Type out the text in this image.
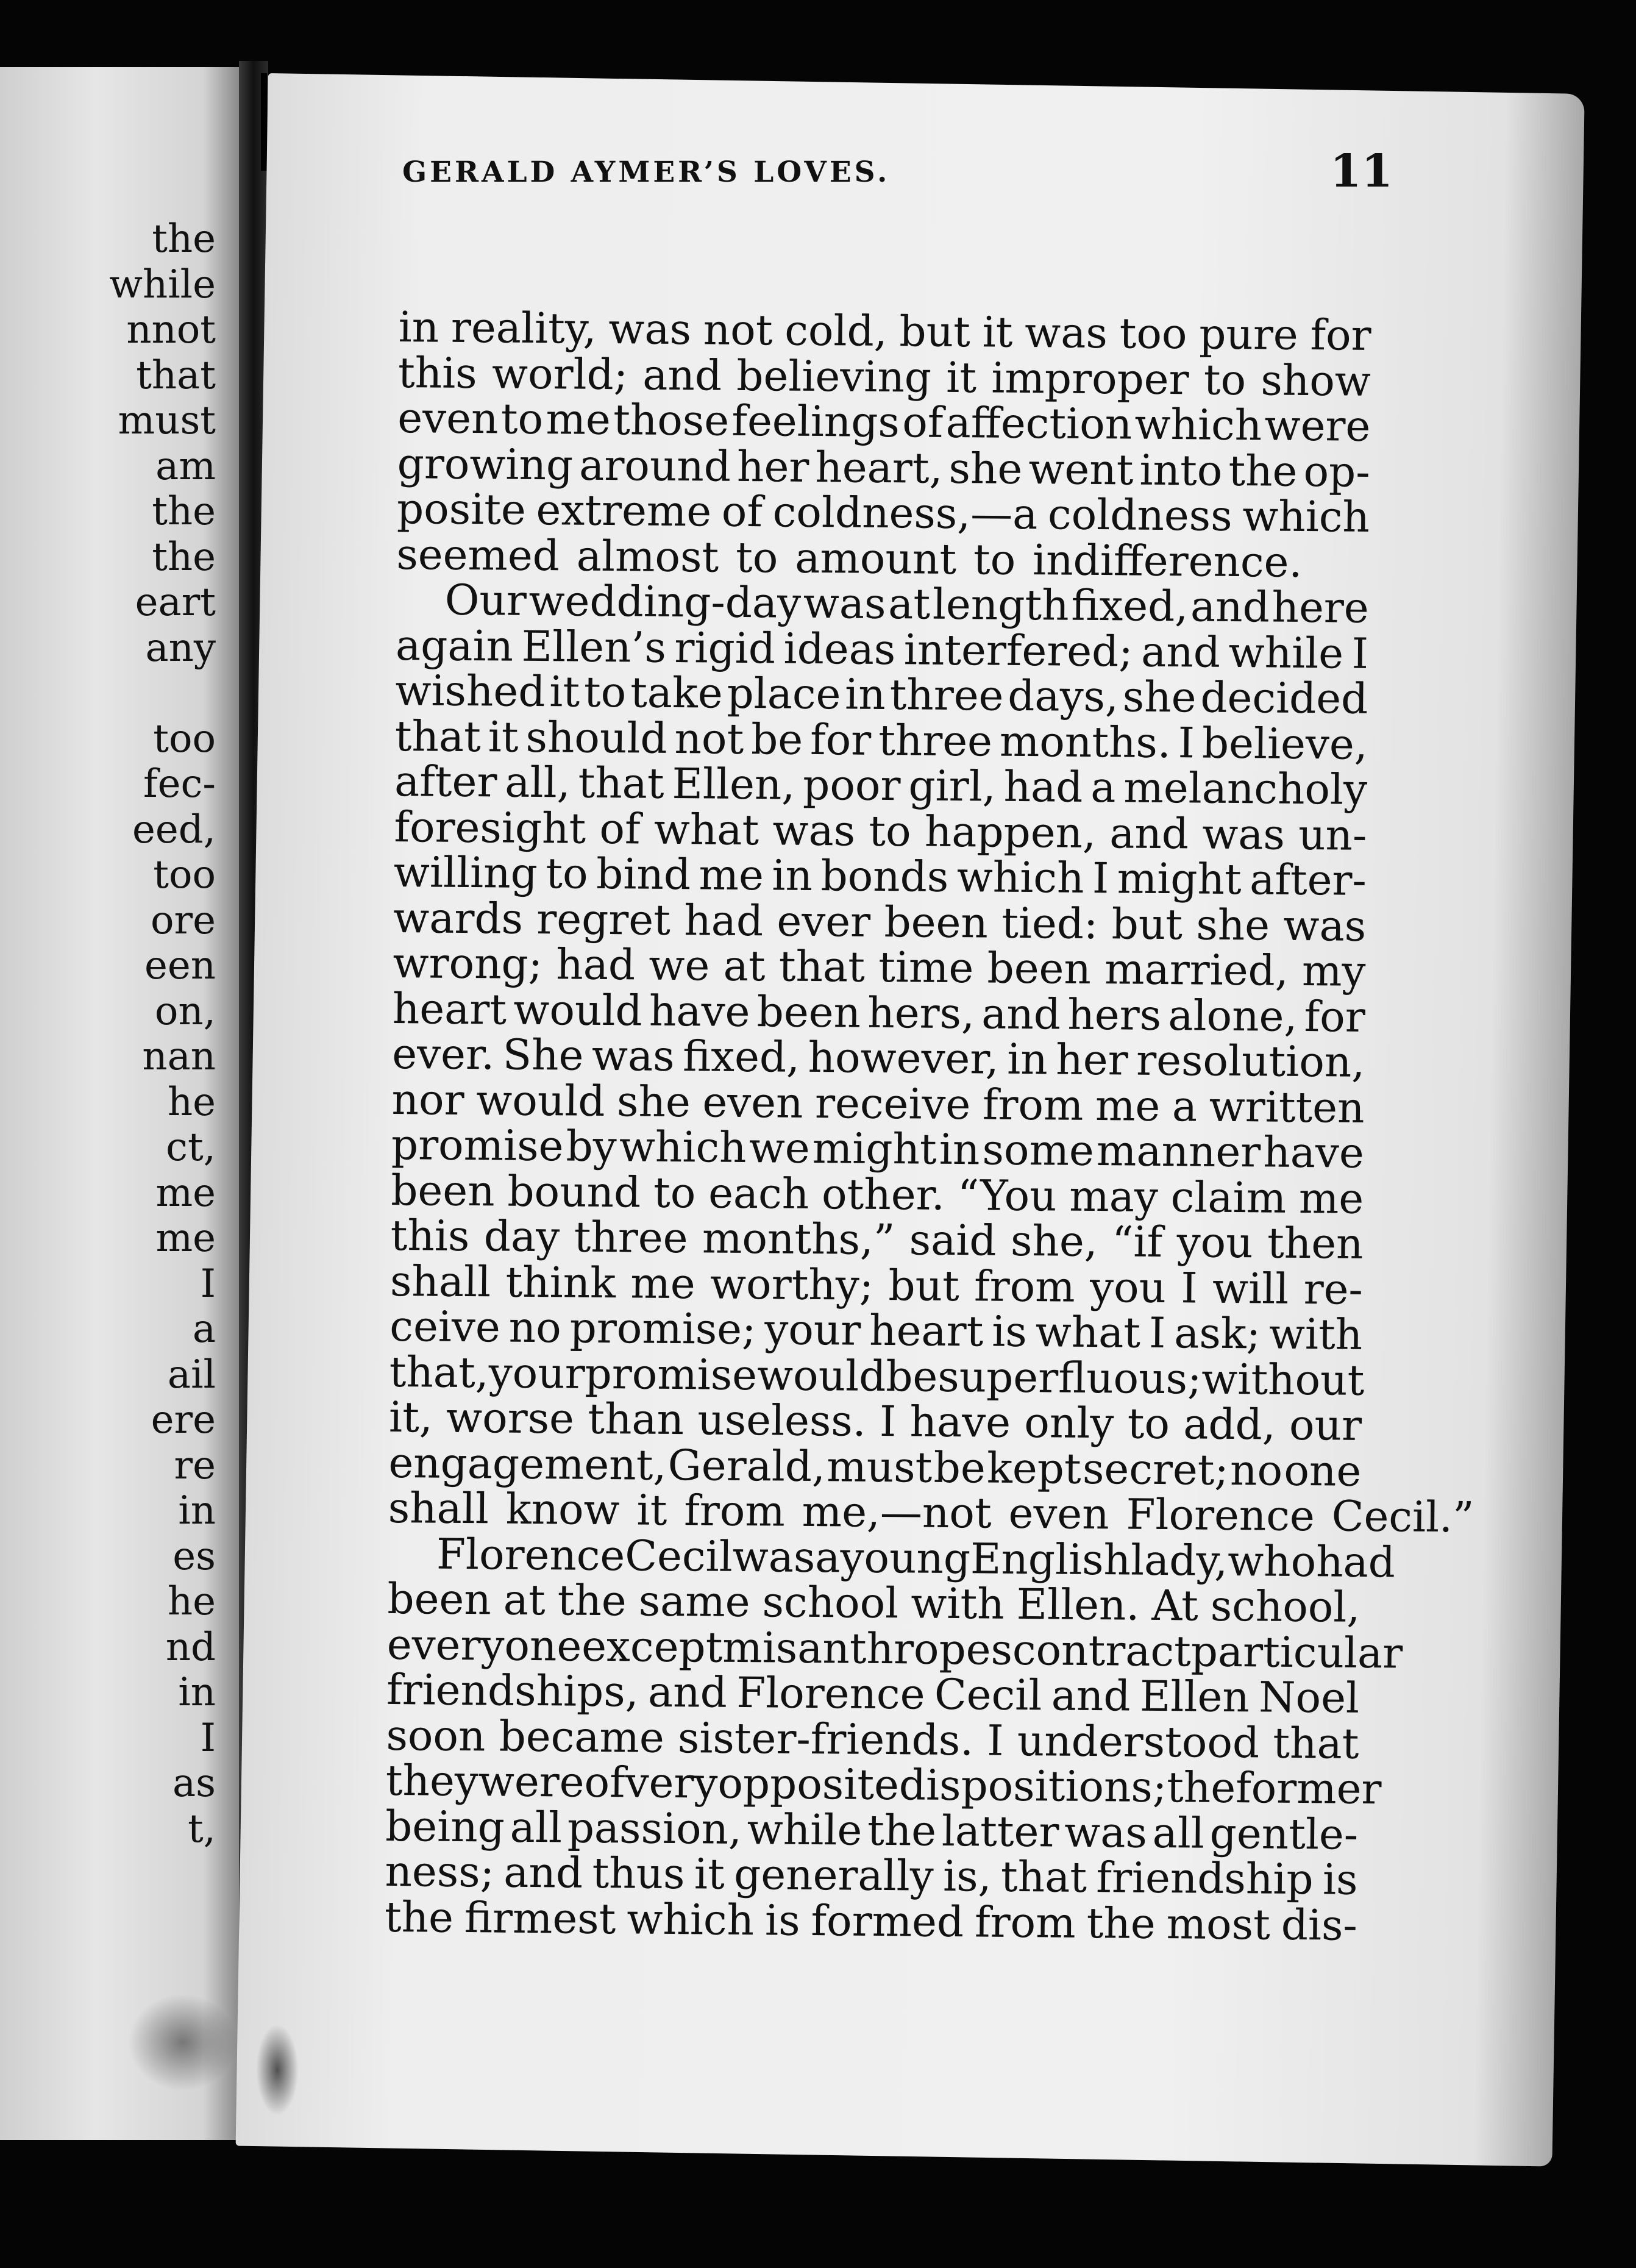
the
while
nnot
that
must
am
the
the
eart
any
too
fec-
eed,
too
ore
een
on,
nan
he
ct,
me
me
I
a
ail
ere
re
in
es
he
nd
in
I
as
t,
GERALD AYMER’S LOVES.	11
in reality, was not cold, but it was too pure for
this world; and believing it improper to show
even to me those feelings of affection which were
growing around her heart, she went into the op-
posite extreme of coldness,—a coldness which
seemed almost to amount to indifference.
Our wedding-day was at length fixed, and here
again Ellen’s rigid ideas interfered; and while I
wished it to take place in three days, she decided
that it should not be for three months. I believe,
after all, that Ellen, poor girl, had a melancholy
foresight of what was to happen, and was un-
willing to bind me in bonds which I might after-
wards regret had ever been tied: but she was
wrong; had we at that time been married, my
heart would have been hers, and hers alone, for
ever. She was fixed, however, in her resolution,
nor would she even receive from me a written
promise by which we might in some manner have
been bound to each other. “You may claim me
this day three months,” said she, “if you then
shall think me worthy; but from you I will re-
ceive no promise; your heart is what I ask; with
that, your promise would be superfluous; without
it, worse than useless. I have only to add, our
engagement, Gerald, must be kept secret; no one
shall know it from me,—not even Florence Cecil.”
Florence Cecil was a young English lady, who had
been at the same school with Ellen. At school,
every one except misanthropes contract particular
friendships, and Florence Cecil and Ellen Noel
soon became sister-friends. I understood that
they were of very opposite dispositions; the former
being all passion, while the latter was all gentle-
ness; and thus it generally is, that friendship is
the firmest which is formed from the most dis-
